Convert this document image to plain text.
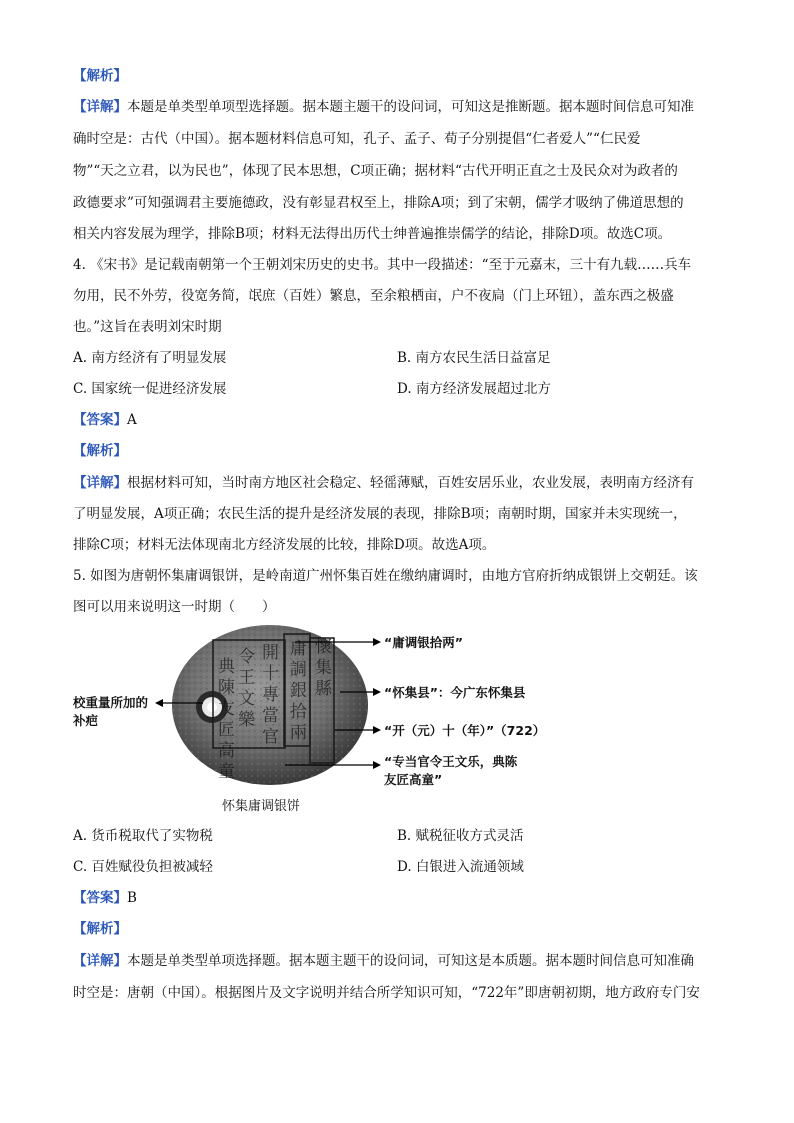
【解析】
【详解】本题是单类型单项型选择题。据本题主题干的设问词，可知这是推断题。据本题时间信息可知准
确时空是：古代（中国）。据本题材料信息可知，孔子、孟子、荀子分别提倡“仁者爱人”“仁民爱
物”“天之立君，以为民也”，体现了民本思想，C项正确；据材料“古代开明正直之士及民众对为政者的
政德要求”可知强调君主要施德政，没有彰显君权至上，排除A项；到了宋朝，儒学才吸纳了佛道思想的
相关内容发展为理学，排除B项；材料无法得出历代士绅普遍推崇儒学的结论，排除D项。故选C项。
4. 《宋书》是记载南朝第一个王朝刘宋历史的史书。其中一段描述：“至于元嘉末，三十有九载……兵车
勿用，民不外劳，役宽务简，氓庶（百姓）繁息，至余粮栖亩，户不夜扃（门上环钮），盖东西之极盛
也。”这旨在表明刘宋时期
A. 南方经济有了明显发展	B. 南方农民生活日益富足
C. 国家统一促进经济发展	D. 南方经济发展超过北方
【答案】A
【解析】
【详解】根据材料可知，当时南方地区社会稳定、轻徭薄赋，百姓安居乐业，农业发展，表明南方经济有
了明显发展，A项正确；农民生活的提升是经济发展的表现，排除B项；南朝时期，国家并未实现统一，
排除C项；材料无法体现南北方经济发展的比较，排除D项。故选A项。
5. 如图为唐朝怀集庸调银饼，是岭南道广州怀集百姓在缴纳庸调时，由地方官府折纳成银饼上交朝廷。该
图可以用来说明这一时期（　　）
庸
調
銀
拾
兩
懷
集
縣
開
十
專
當
官
令
王
文
樂
典
陳
友
匠
高
童
“庸调银拾两”
“怀集县”：今广东怀集县
“开（元）十（年）”（722）
“专当官令王文乐，典陈
友匠高童”
校重量所加的
补疤
怀集庸调银饼
A. 货币税取代了实物税	B. 赋税征收方式灵活
C. 百姓赋役负担被减轻	D. 白银进入流通领域
【答案】B
【解析】
【详解】本题是单类型单项选择题。据本题主题干的设问词，可知这是本质题。据本题时间信息可知准确
时空是：唐朝（中国）。根据图片及文字说明并结合所学知识可知，“722年”即唐朝初期，地方政府专门安
